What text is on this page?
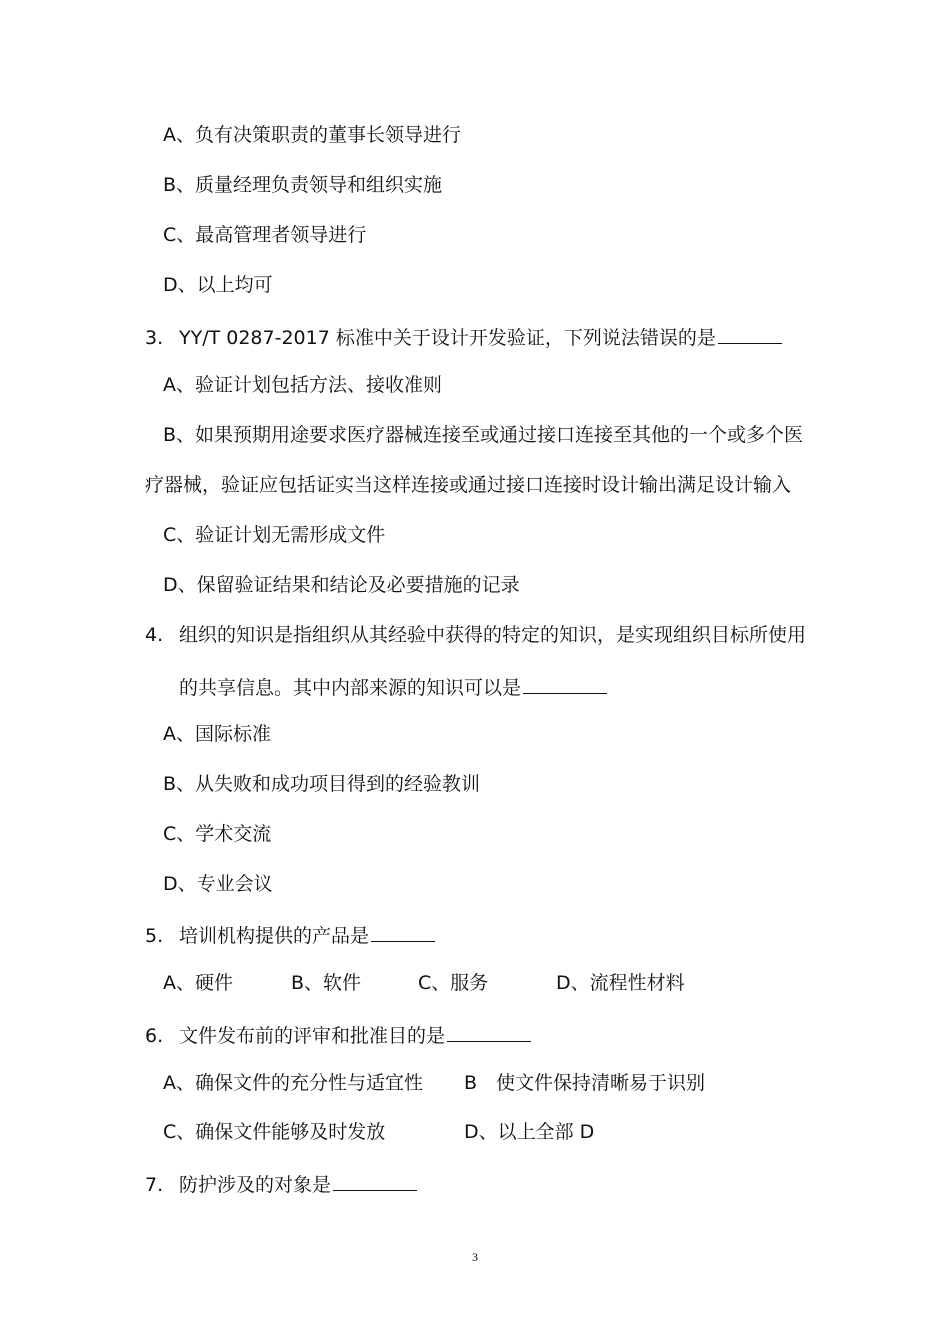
A、负有决策职责的董事长领导进行
B、质量经理负责领导和组织实施
C、最高管理者领导进行
D、以上均可
3. YY/T 0287-2017 标准中关于设计开发验证，下列说法错误的是
A、验证计划包括方法、接收准则
B、如果预期用途要求医疗器械连接至或通过接口连接至其他的一个或多个医
疗器械，验证应包括证实当这样连接或通过接口连接时设计输出满足设计输入
C、验证计划无需形成文件
D、保留验证结果和结论及必要措施的记录
4. 组织的知识是指组织从其经验中获得的特定的知识，是实现组织目标所使用
的共享信息。其中内部来源的知识可以是
A、国际标准
B、从失败和成功项目得到的经验教训
C、学术交流
D、专业会议
5. 培训机构提供的产品是
A、硬件	B、软件	C、服务	D、流程性材料
6. 文件发布前的评审和批准目的是
A、确保文件的充分性与适宜性 B　使文件保持清晰易于识别
C、确保文件能够及时发放	D、以上全部 D
7. 防护涉及的对象是
3
